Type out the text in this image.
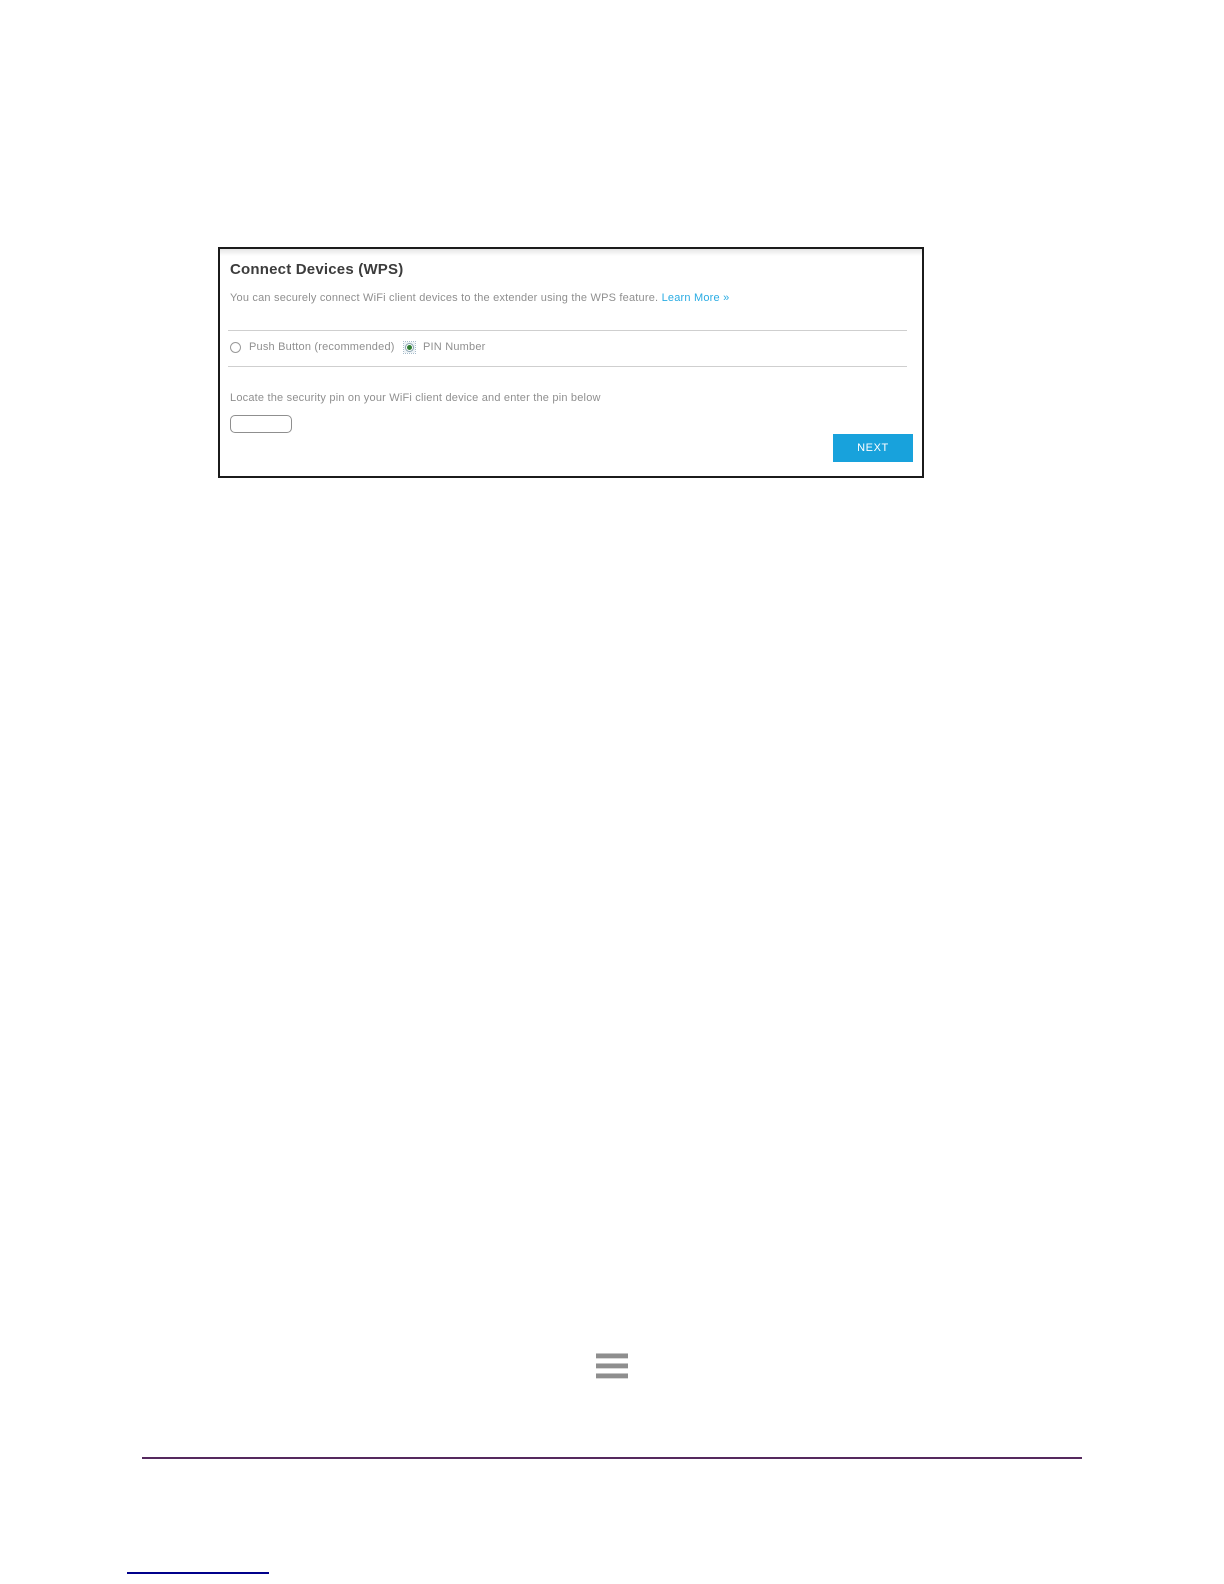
Connect Devices (WPS)
You can securely connect WiFi client devices to the extender using the WPS feature. Learn More »
Push Button (recommended)	PIN Number
Locate the security pin on your WiFi client device and enter the pin below
NEXT
